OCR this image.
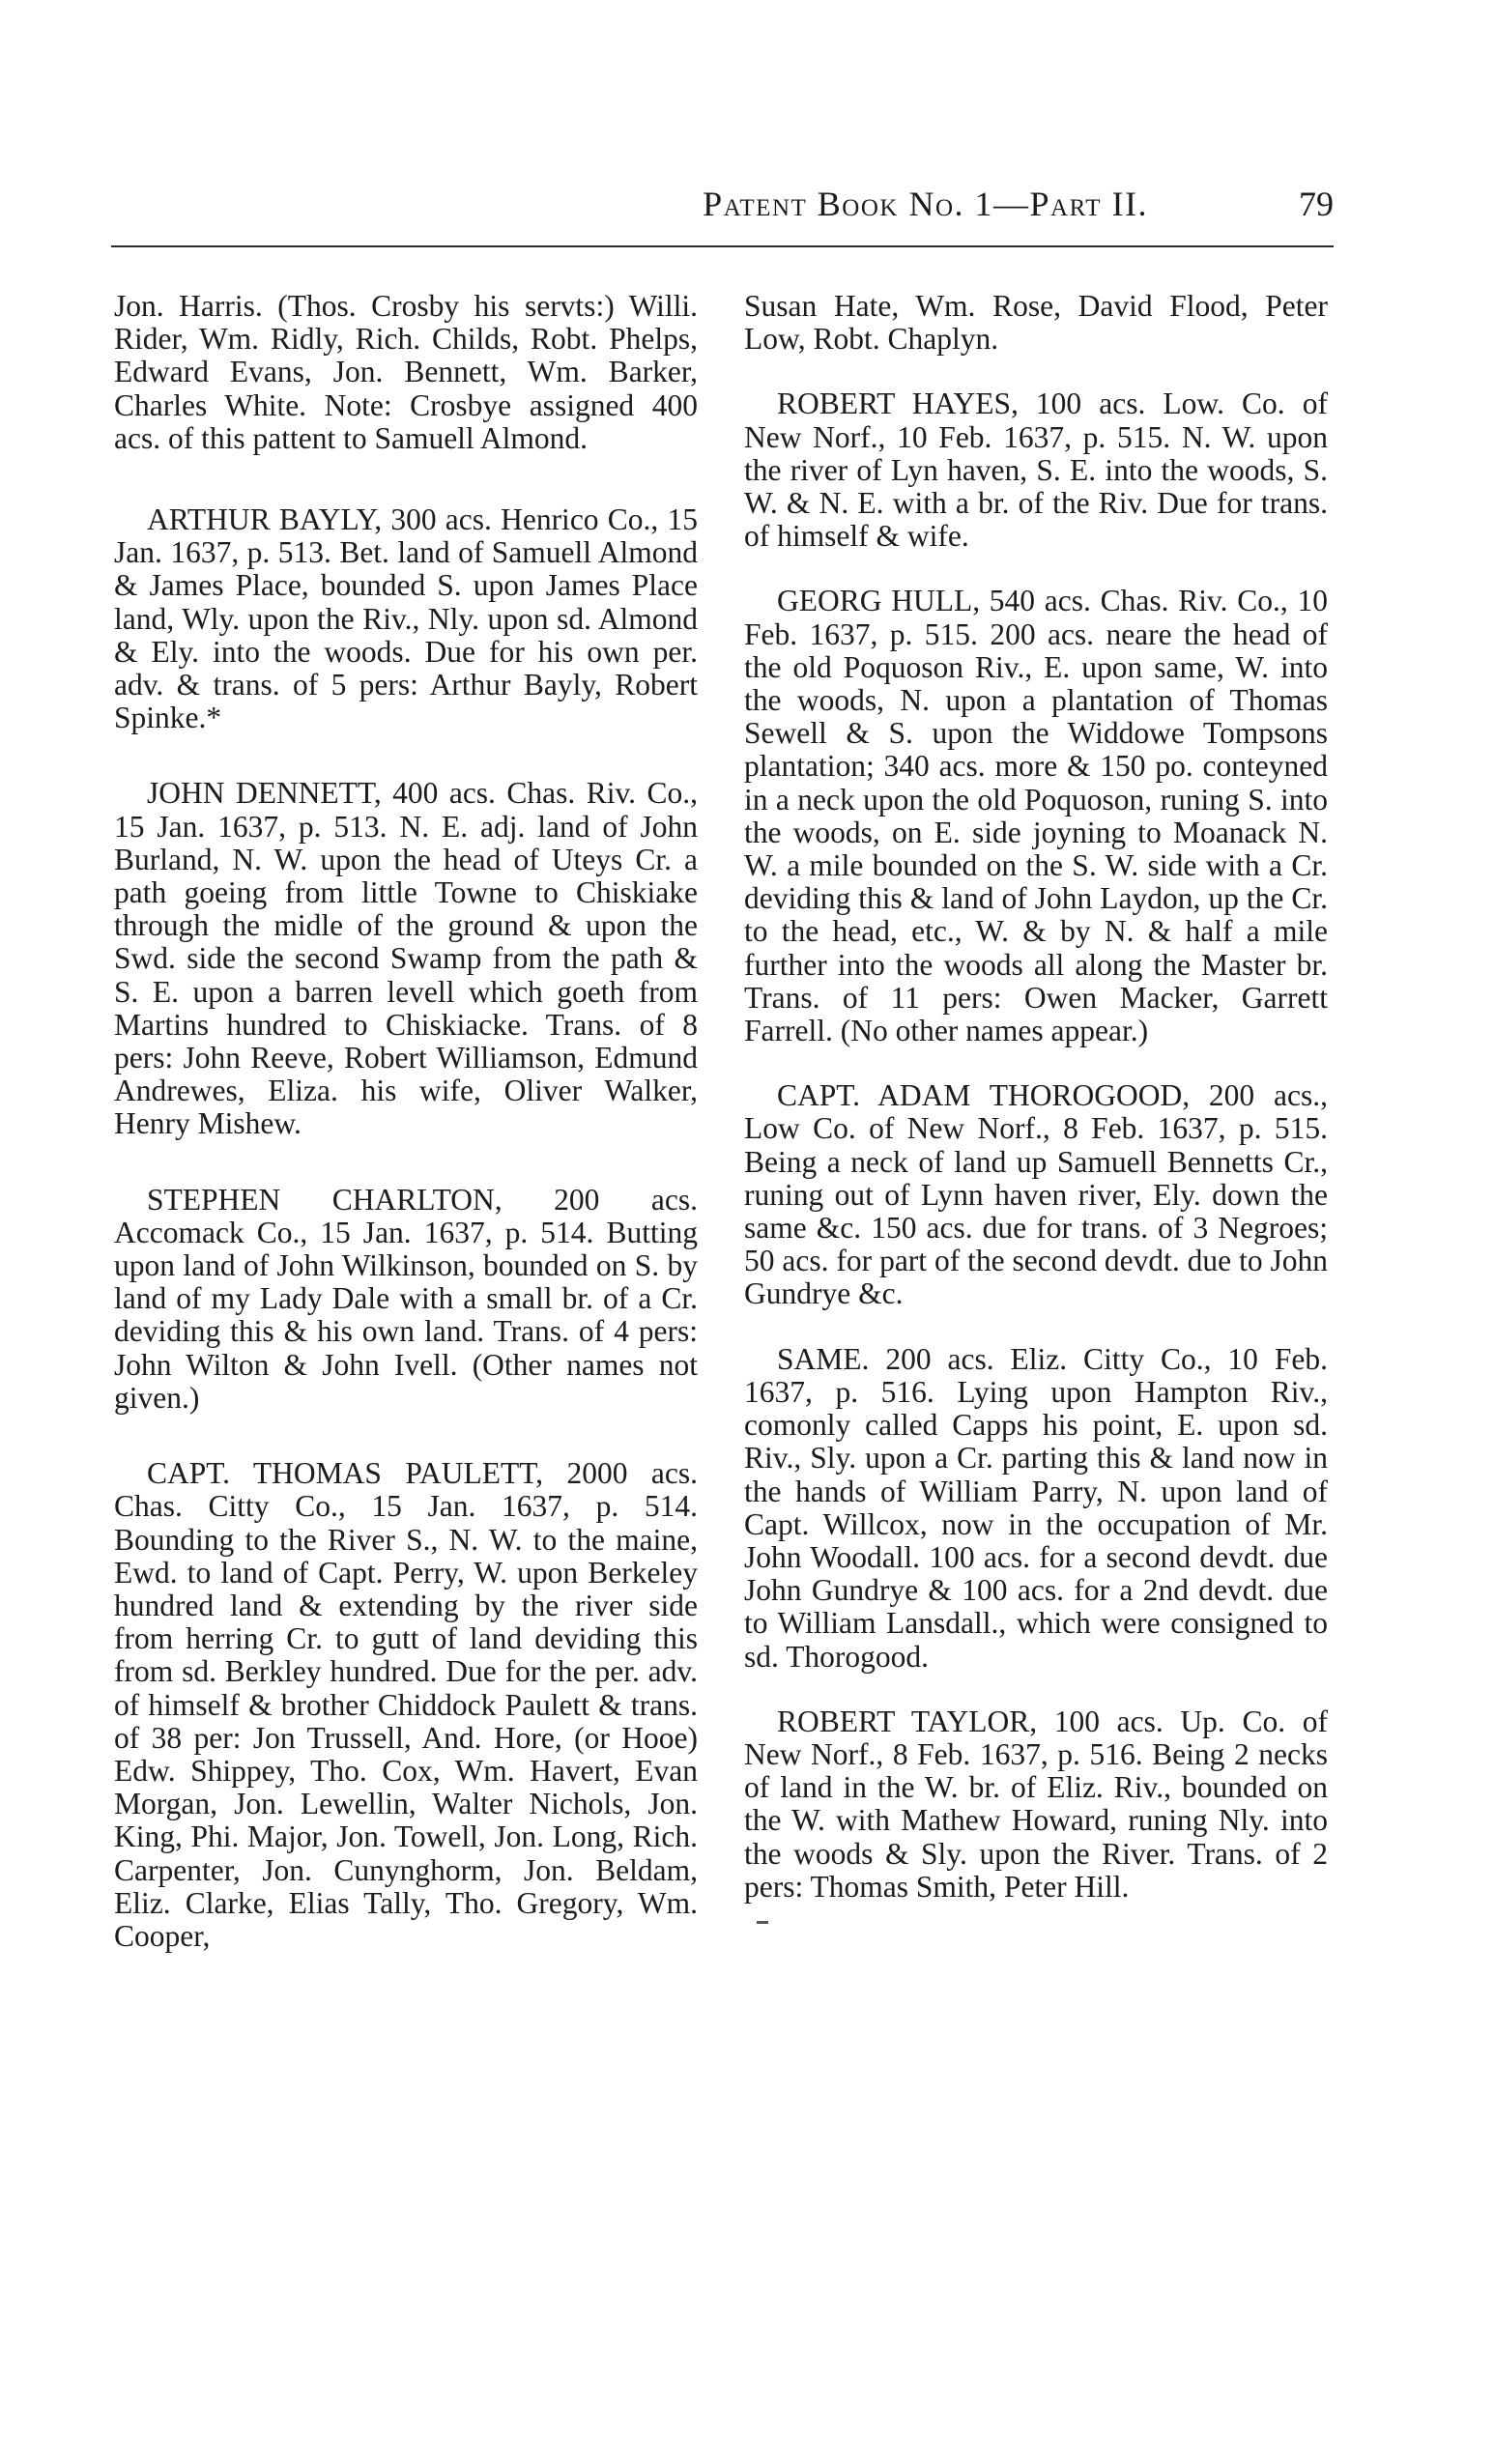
Patent Book No. 1—Part II.	79

Jon. Harris. (Thos. Crosby his servts:) Willi. Rider, Wm. Ridly, Rich. Childs, Robt. Phelps, Edward Evans, Jon. Bennett, Wm. Barker, Charles White. Note: Crosbye assigned 400 acs. of this pattent to Samuell Almond.

ARTHUR BAYLY, 300 acs. Henrico Co., 15 Jan. 1637, p. 513. Bet. land of Samuell Almond & James Place, bounded S. upon James Place land, Wly. upon the Riv., Nly. upon sd. Almond & Ely. into the woods. Due for his own per. adv. & trans. of 5 pers: Arthur Bayly, Robert Spinke.*

JOHN DENNETT, 400 acs. Chas. Riv. Co., 15 Jan. 1637, p. 513. N. E. adj. land of John Burland, N. W. upon the head of Uteys Cr. a path goeing from little Towne to Chiskiake through the midle of the ground & upon the Swd. side the second Swamp from the path & S. E. upon a barren levell which goeth from Martins hundred to Chiskiacke. Trans. of 8 pers: John Reeve, Robert Williamson, Edmund Andrewes, Eliza. his wife, Oliver Walker, Henry Mishew.

STEPHEN CHARLTON, 200 acs. Accomack Co., 15 Jan. 1637, p. 514. Butting upon land of John Wilkinson, bounded on S. by land of my Lady Dale with a small br. of a Cr. deviding this & his own land. Trans. of 4 pers: John Wilton & John Ivell. (Other names not given.)

CAPT. THOMAS PAULETT, 2000 acs. Chas. Citty Co., 15 Jan. 1637, p. 514. Bounding to the River S., N. W. to the maine, Ewd. to land of Capt. Perry, W. upon Berkeley hundred land & extending by the river side from herring Cr. to gutt of land deviding this from sd. Berkley hundred. Due for the per. adv. of himself & brother Chiddock Paulett & trans. of 38 per: Jon Trussell, And. Hore, (or Hooe) Edw. Shippey, Tho. Cox, Wm. Havert, Evan Morgan, Jon. Lewellin, Walter Nichols, Jon. King, Phi. Major, Jon. Towell, Jon. Long, Rich. Carpenter, Jon. Cunynghorm, Jon. Beldam, Eliz. Clarke, Elias Tally, Tho. Gregory, Wm. Cooper,

Susan Hate, Wm. Rose, David Flood, Peter Low, Robt. Chaplyn.

ROBERT HAYES, 100 acs. Low. Co. of New Norf., 10 Feb. 1637, p. 515. N. W. upon the river of Lyn haven, S. E. into the woods, S. W. & N. E. with a br. of the Riv. Due for trans. of himself & wife.

GEORG HULL, 540 acs. Chas. Riv. Co., 10 Feb. 1637, p. 515. 200 acs. neare the head of the old Poquoson Riv., E. upon same, W. into the woods, N. upon a plantation of Thomas Sewell & S. upon the Widdowe Tompsons plantation; 340 acs. more & 150 po. conteyned in a neck upon the old Poquoson, runing S. into the woods, on E. side joyning to Moanack N. W. a mile bounded on the S. W. side with a Cr. deviding this & land of John Laydon, up the Cr. to the head, etc., W. & by N. & half a mile further into the woods all along the Master br. Trans. of 11 pers: Owen Macker, Garrett Farrell. (No other names appear.)

CAPT. ADAM THOROGOOD, 200 acs., Low Co. of New Norf., 8 Feb. 1637, p. 515. Being a neck of land up Samuell Bennetts Cr., runing out of Lynn haven river, Ely. down the same &c. 150 acs. due for trans. of 3 Negroes; 50 acs. for part of the second devdt. due to John Gundrye &c.

SAME. 200 acs. Eliz. Citty Co., 10 Feb. 1637, p. 516. Lying upon Hampton Riv., comonly called Capps his point, E. upon sd. Riv., Sly. upon a Cr. parting this & land now in the hands of William Parry, N. upon land of Capt. Willcox, now in the occupation of Mr. John Woodall. 100 acs. for a second devdt. due John Gundrye & 100 acs. for a 2nd devdt. due to William Lansdall., which were consigned to sd. Thorogood.

ROBERT TAYLOR, 100 acs. Up. Co. of New Norf., 8 Feb. 1637, p. 516. Being 2 necks of land in the W. br. of Eliz. Riv., bounded on the W. with Mathew Howard, runing Nly. into the woods & Sly. upon the River. Trans. of 2 pers: Thomas Smith, Peter Hill.
